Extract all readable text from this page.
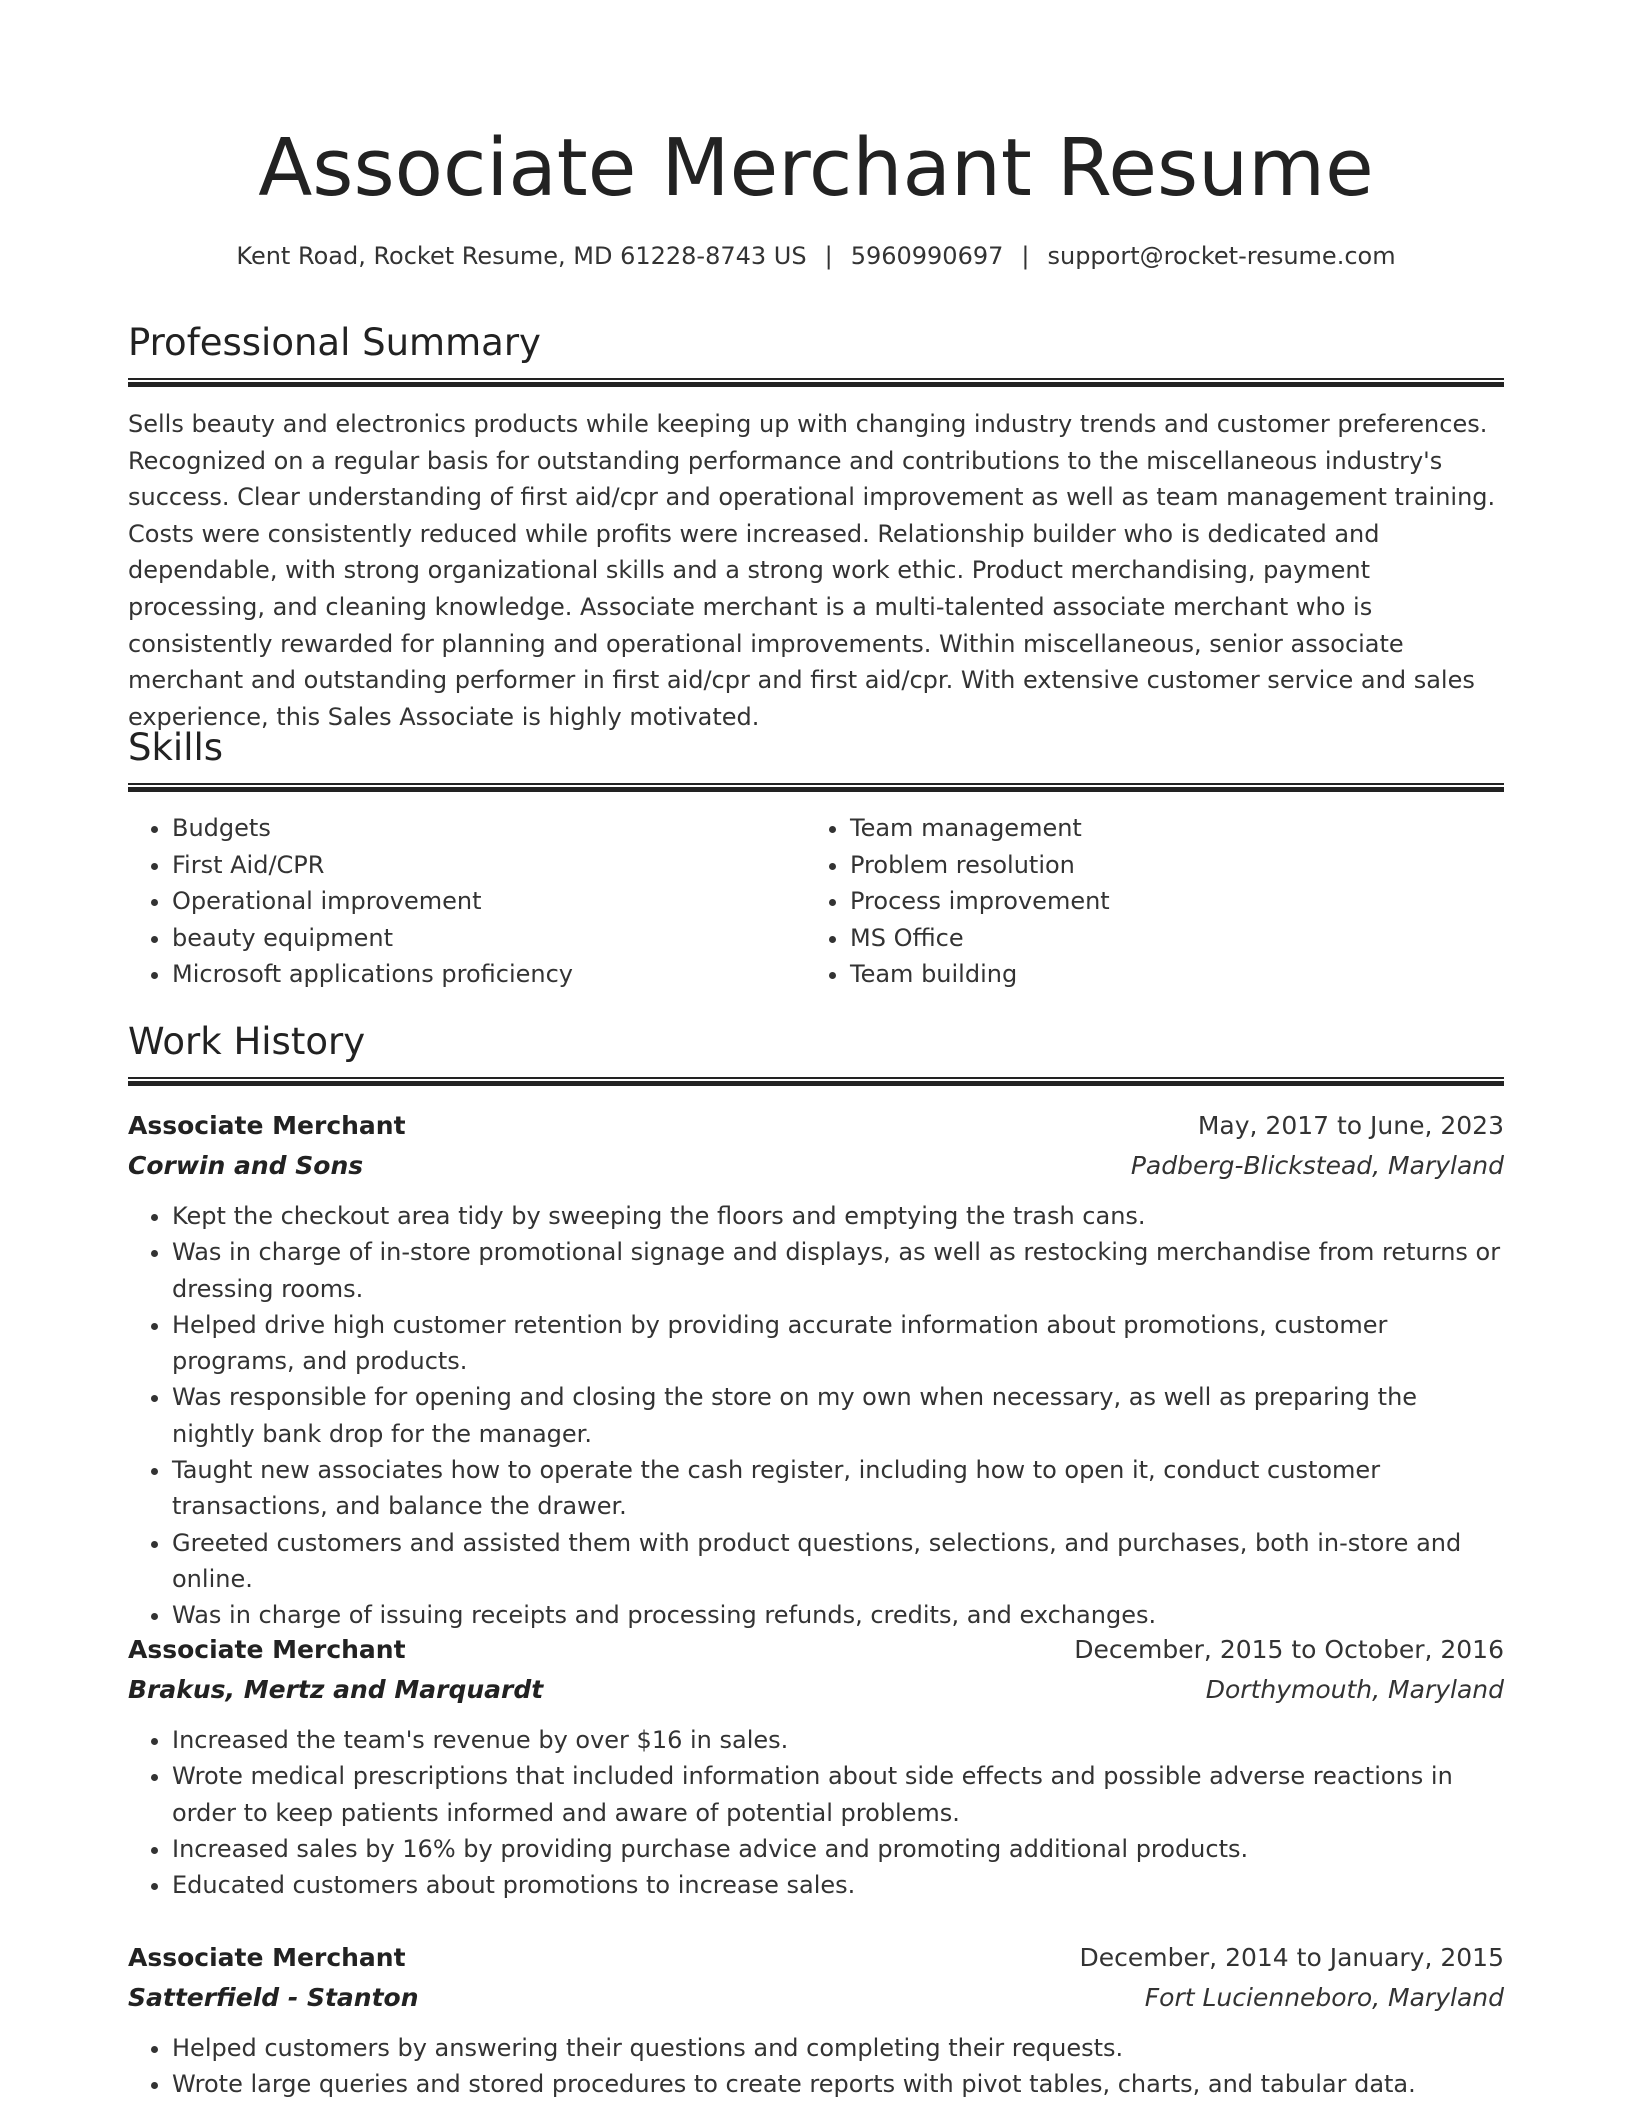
Associate Merchant Resume
Kent Road, Rocket Resume, MD 61228-8743 US | 5960990697 | support@rocket-resume.com
Professional Summary

Sells beauty and electronics products while keeping up with changing industry trends and customer preferences. Recognized on a regular basis for outstanding performance and contributions to the miscellaneous industry's success. Clear understanding of first aid/cpr and operational improvement as well as team management training. Costs were consistently reduced while profits were increased. Relationship builder who is dedicated and dependable, with strong organizational skills and a strong work ethic. Product merchandising, payment processing, and cleaning knowledge. Associate merchant is a multi-talented associate merchant who is consistently rewarded for planning and operational improvements. Within miscellaneous, senior associate merchant and outstanding performer in first aid/cpr and first aid/cpr. With extensive customer service and sales experience, this Sales Associate is highly motivated.

Skills
• Budgets
• First Aid/CPR
• Operational improvement
• beauty equipment
• Microsoft applications proficiency
• Team management
• Problem resolution
• Process improvement
• MS Office
• Team building
Work History
Associate Merchant	May, 2017 to June, 2023
Corwin and Sons	Padberg-Blickstead, Maryland
• Kept the checkout area tidy by sweeping the floors and emptying the trash cans.
• Was in charge of in-store promotional signage and displays, as well as restocking merchandise from returns or dressing rooms.
• Helped drive high customer retention by providing accurate information about promotions, customer programs, and products.
• Was responsible for opening and closing the store on my own when necessary, as well as preparing the nightly bank drop for the manager.
• Taught new associates how to operate the cash register, including how to open it, conduct customer transactions, and balance the drawer.
• Greeted customers and assisted them with product questions, selections, and purchases, both in-store and online.
• Was in charge of issuing receipts and processing refunds, credits, and exchanges.
Associate Merchant	December, 2015 to October, 2016
Brakus, Mertz and Marquardt	Dorthymouth, Maryland
• Increased the team's revenue by over $16 in sales.
• Wrote medical prescriptions that included information about side effects and possible adverse reactions in order to keep patients informed and aware of potential problems.
• Increased sales by 16% by providing purchase advice and promoting additional products.
• Educated customers about promotions to increase sales.
Associate Merchant	December, 2014 to January, 2015
Satterfield - Stanton	Fort Lucienneboro, Maryland
• Helped customers by answering their questions and completing their requests.
• Wrote large queries and stored procedures to create reports with pivot tables, charts, and tabular data.
